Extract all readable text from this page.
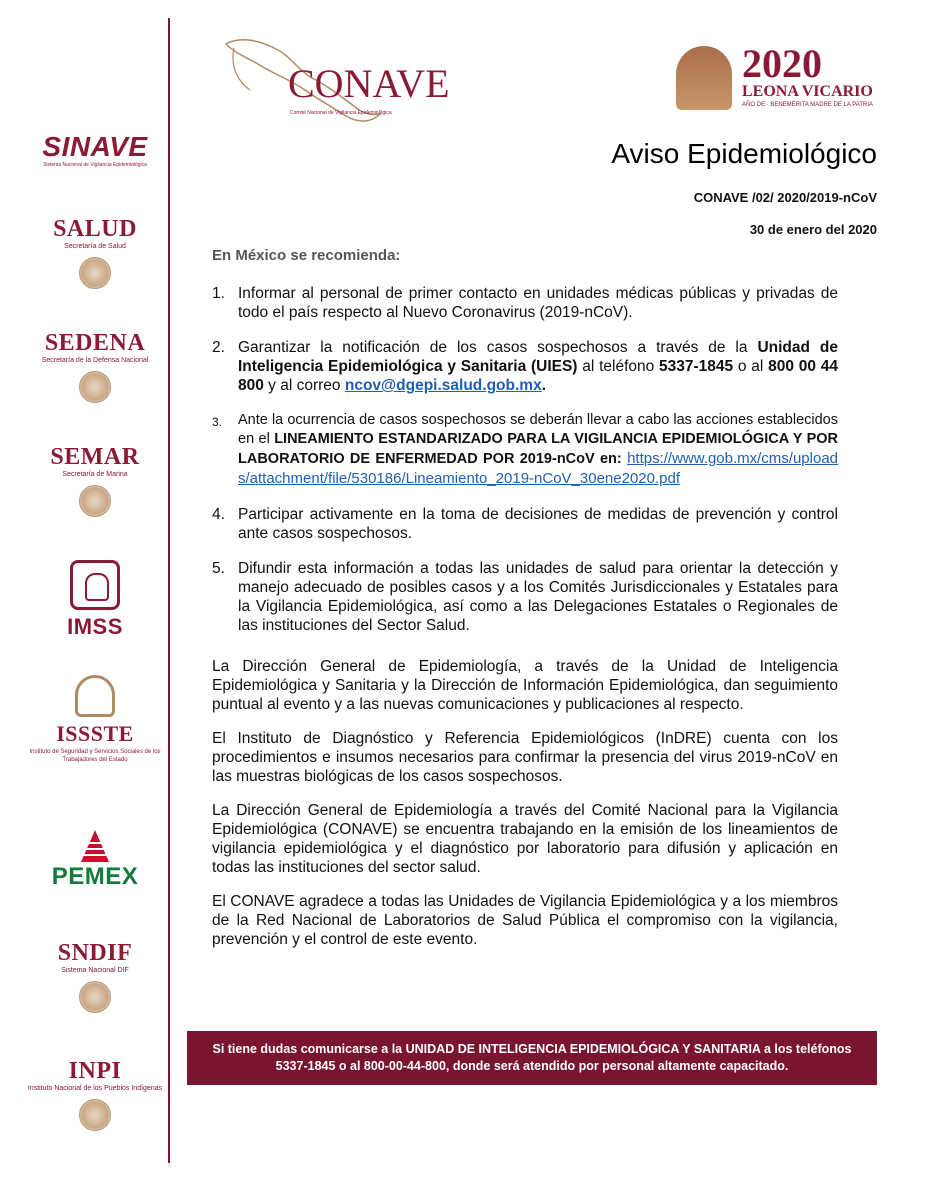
CONAVE
Comité Nacional de Vigilancia Epidemiológica
2020
LEONA VICARIO
AÑO DE · BENEMÉRITA MADRE DE LA PATRIA
SINAVE
Sistema Nacional de Vigilancia Epidemiológica
SALUD
Secretaría de Salud
SEDENA
Secretaría de la Defensa Nacional
SEMAR
Secretaría de Marina
IMSS
ISSSTE
Instituto de Seguridad y Servicios Sociales de los Trabajadores del Estado
PEMEX
SNDIF
Sistema Nacional DIF
INPI
Instituto Nacional de los Pueblos Indígenas
Aviso Epidemiológico
CONAVE /02/ 2020/2019-nCoV
30 de enero del 2020
En México se recomienda:
1. Informar al personal de primer contacto en unidades médicas públicas y privadas de todo el país respecto al Nuevo Coronavirus (2019-nCoV).
2. Garantizar la notificación de los casos sospechosos a través de la Unidad de Inteligencia Epidemiológica y Sanitaria (UIES) al teléfono 5337-1845 o al 800 00 44 800 y al correo ncov@dgepi.salud.gob.mx.
3.	Ante la ocurrencia de casos sospechosos se deberán llevar a cabo las acciones establecidos en el LINEAMIENTO ESTANDARIZADO PARA LA VIGILANCIA EPIDEMIOLÓGICA Y POR LABORATORIO DE ENFERMEDAD POR 2019-nCoV en: https://www.gob.mx/cms/uploads/attachment/file/530186/Lineamiento_2019-nCoV_30ene2020.pdf
4. Participar activamente en la toma de decisiones de medidas de prevención y control ante casos sospechosos.
5. Difundir esta información a todas las unidades de salud para orientar la detección y manejo adecuado de posibles casos y a los Comités Jurisdiccionales y Estatales para la Vigilancia Epidemiológica, así como a las Delegaciones Estatales o Regionales de las instituciones del Sector Salud.

La Dirección General de Epidemiología, a través de la Unidad de Inteligencia Epidemiológica y Sanitaria y la Dirección de Información Epidemiológica, dan seguimiento puntual al evento y a las nuevas comunicaciones y publicaciones al respecto.

El Instituto de Diagnóstico y Referencia Epidemiológicos (InDRE) cuenta con los procedimientos e insumos necesarios para confirmar la presencia del virus 2019-nCoV en las muestras biológicas de los casos sospechosos.

La Dirección General de Epidemiología a través del Comité Nacional para la Vigilancia Epidemiológica (CONAVE) se encuentra trabajando en la emisión de los lineamientos de vigilancia epidemiológica y el diagnóstico por laboratorio para difusión y aplicación en todas las instituciones del sector salud.

El CONAVE agradece a todas las Unidades de Vigilancia Epidemiológica y a los miembros de la Red Nacional de Laboratorios de Salud Pública el compromiso con la vigilancia, prevención y el control de este evento.

Si tiene dudas comunicarse a la UNIDAD DE INTELIGENCIA EPIDEMIOLÓGICA Y SANITARIA a los teléfonos 5337-1845 o al 800-00-44-800, donde será atendido por personal altamente capacitado.
